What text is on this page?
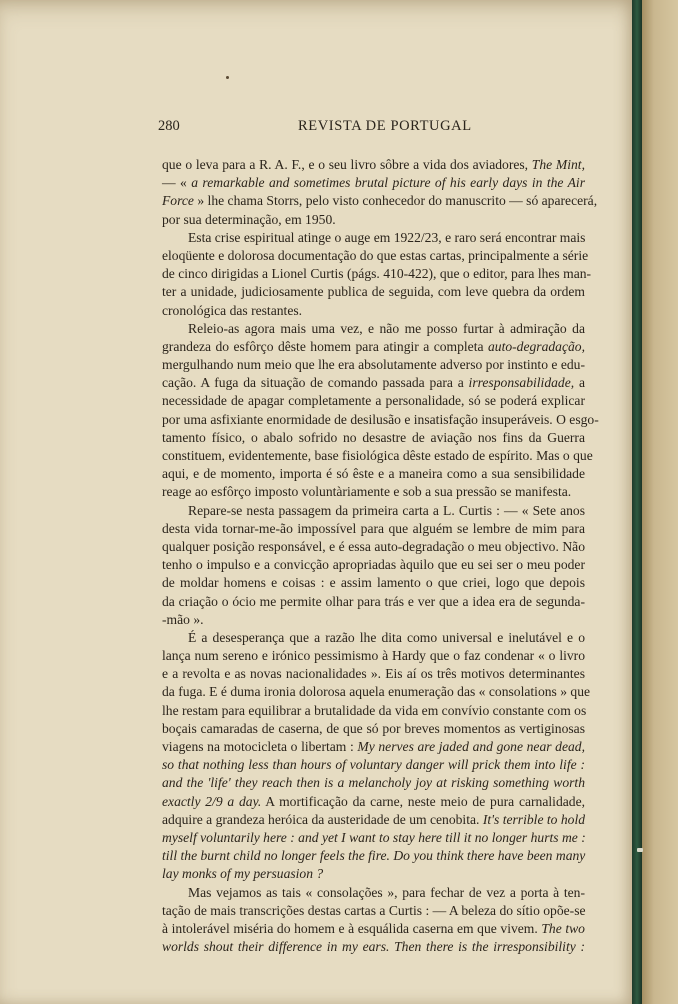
280	REVISTA DE PORTUGAL
que o leva para a R. A. F., e o seu livro sôbre a vida dos aviadores, The Mint,
— « a remarkable and sometimes brutal picture of his early days in the Air
Force » lhe chama Storrs, pelo visto conhecedor do manuscrito — só aparecerá,
por sua determinação, em 1950.
Esta crise espiritual atinge o auge em 1922/23, e raro será encontrar mais
eloqüente e dolorosa documentação do que estas cartas, principalmente a série
de cinco dirigidas a Lionel Curtis (págs. 410-422), que o editor, para lhes man-
ter a unidade, judiciosamente publica de seguida, com leve quebra da ordem
cronológica das restantes.
Releio-as agora mais uma vez, e não me posso furtar à admiração da
grandeza do esfôrço dêste homem para atingir a completa auto-degradação,
mergulhando num meio que lhe era absolutamente adverso por instinto e edu-
cação. A fuga da situação de comando passada para a irresponsabilidade, a
necessidade de apagar completamente a personalidade, só se poderá explicar
por uma asfixiante enormidade de desilusão e insatisfação insuperáveis. O esgo-
tamento físico, o abalo sofrido no desastre de aviação nos fins da Guerra
constituem, evidentemente, base fisiológica dêste estado de espírito. Mas o que
aqui, e de momento, importa é só êste e a maneira como a sua sensibilidade
reage ao esfôrço imposto voluntàriamente e sob a sua pressão se manifesta.
Repare-se nesta passagem da primeira carta a L. Curtis : — « Sete anos
desta vida tornar-me-ão impossível para que alguém se lembre de mim para
qualquer posição responsável, e é essa auto-degradação o meu objectivo. Não
tenho o impulso e a convicção apropriadas àquilo que eu sei ser o meu poder
de moldar homens e coisas : e assim lamento o que criei, logo que depois
da criação o ócio me permite olhar para trás e ver que a idea era de segunda-
-mão ».
É a desesperança que a razão lhe dita como universal e inelutável e o
lança num sereno e irónico pessimismo à Hardy que o faz condenar « o livro
e a revolta e as novas nacionalidades ». Eis aí os três motivos determinantes
da fuga. E é duma ironia dolorosa aquela enumeração das « consolations » que
lhe restam para equilibrar a brutalidade da vida em convívio constante com os
boçais camaradas de caserna, de que só por breves momentos as vertiginosas
viagens na motocicleta o libertam : My nerves are jaded and gone near dead,
so that nothing less than hours of voluntary danger will prick them into life :
and the 'life' they reach then is a melancholy joy at risking something worth
exactly 2/9 a day. A mortificação da carne, neste meio de pura carnalidade,
adquire a grandeza heróica da austeridade de um cenobita. It's terrible to hold
myself voluntarily here : and yet I want to stay here till it no longer hurts me :
till the burnt child no longer feels the fire. Do you think there have been many
lay monks of my persuasion ?
Mas vejamos as tais « consolações », para fechar de vez a porta à ten-
tação de mais transcrições destas cartas a Curtis : — A beleza do sítio opõe-se
à intolerável miséria do homem e à esquálida caserna em que vivem. The two
worlds shout their difference in my ears. Then there is the irresponsibility :
